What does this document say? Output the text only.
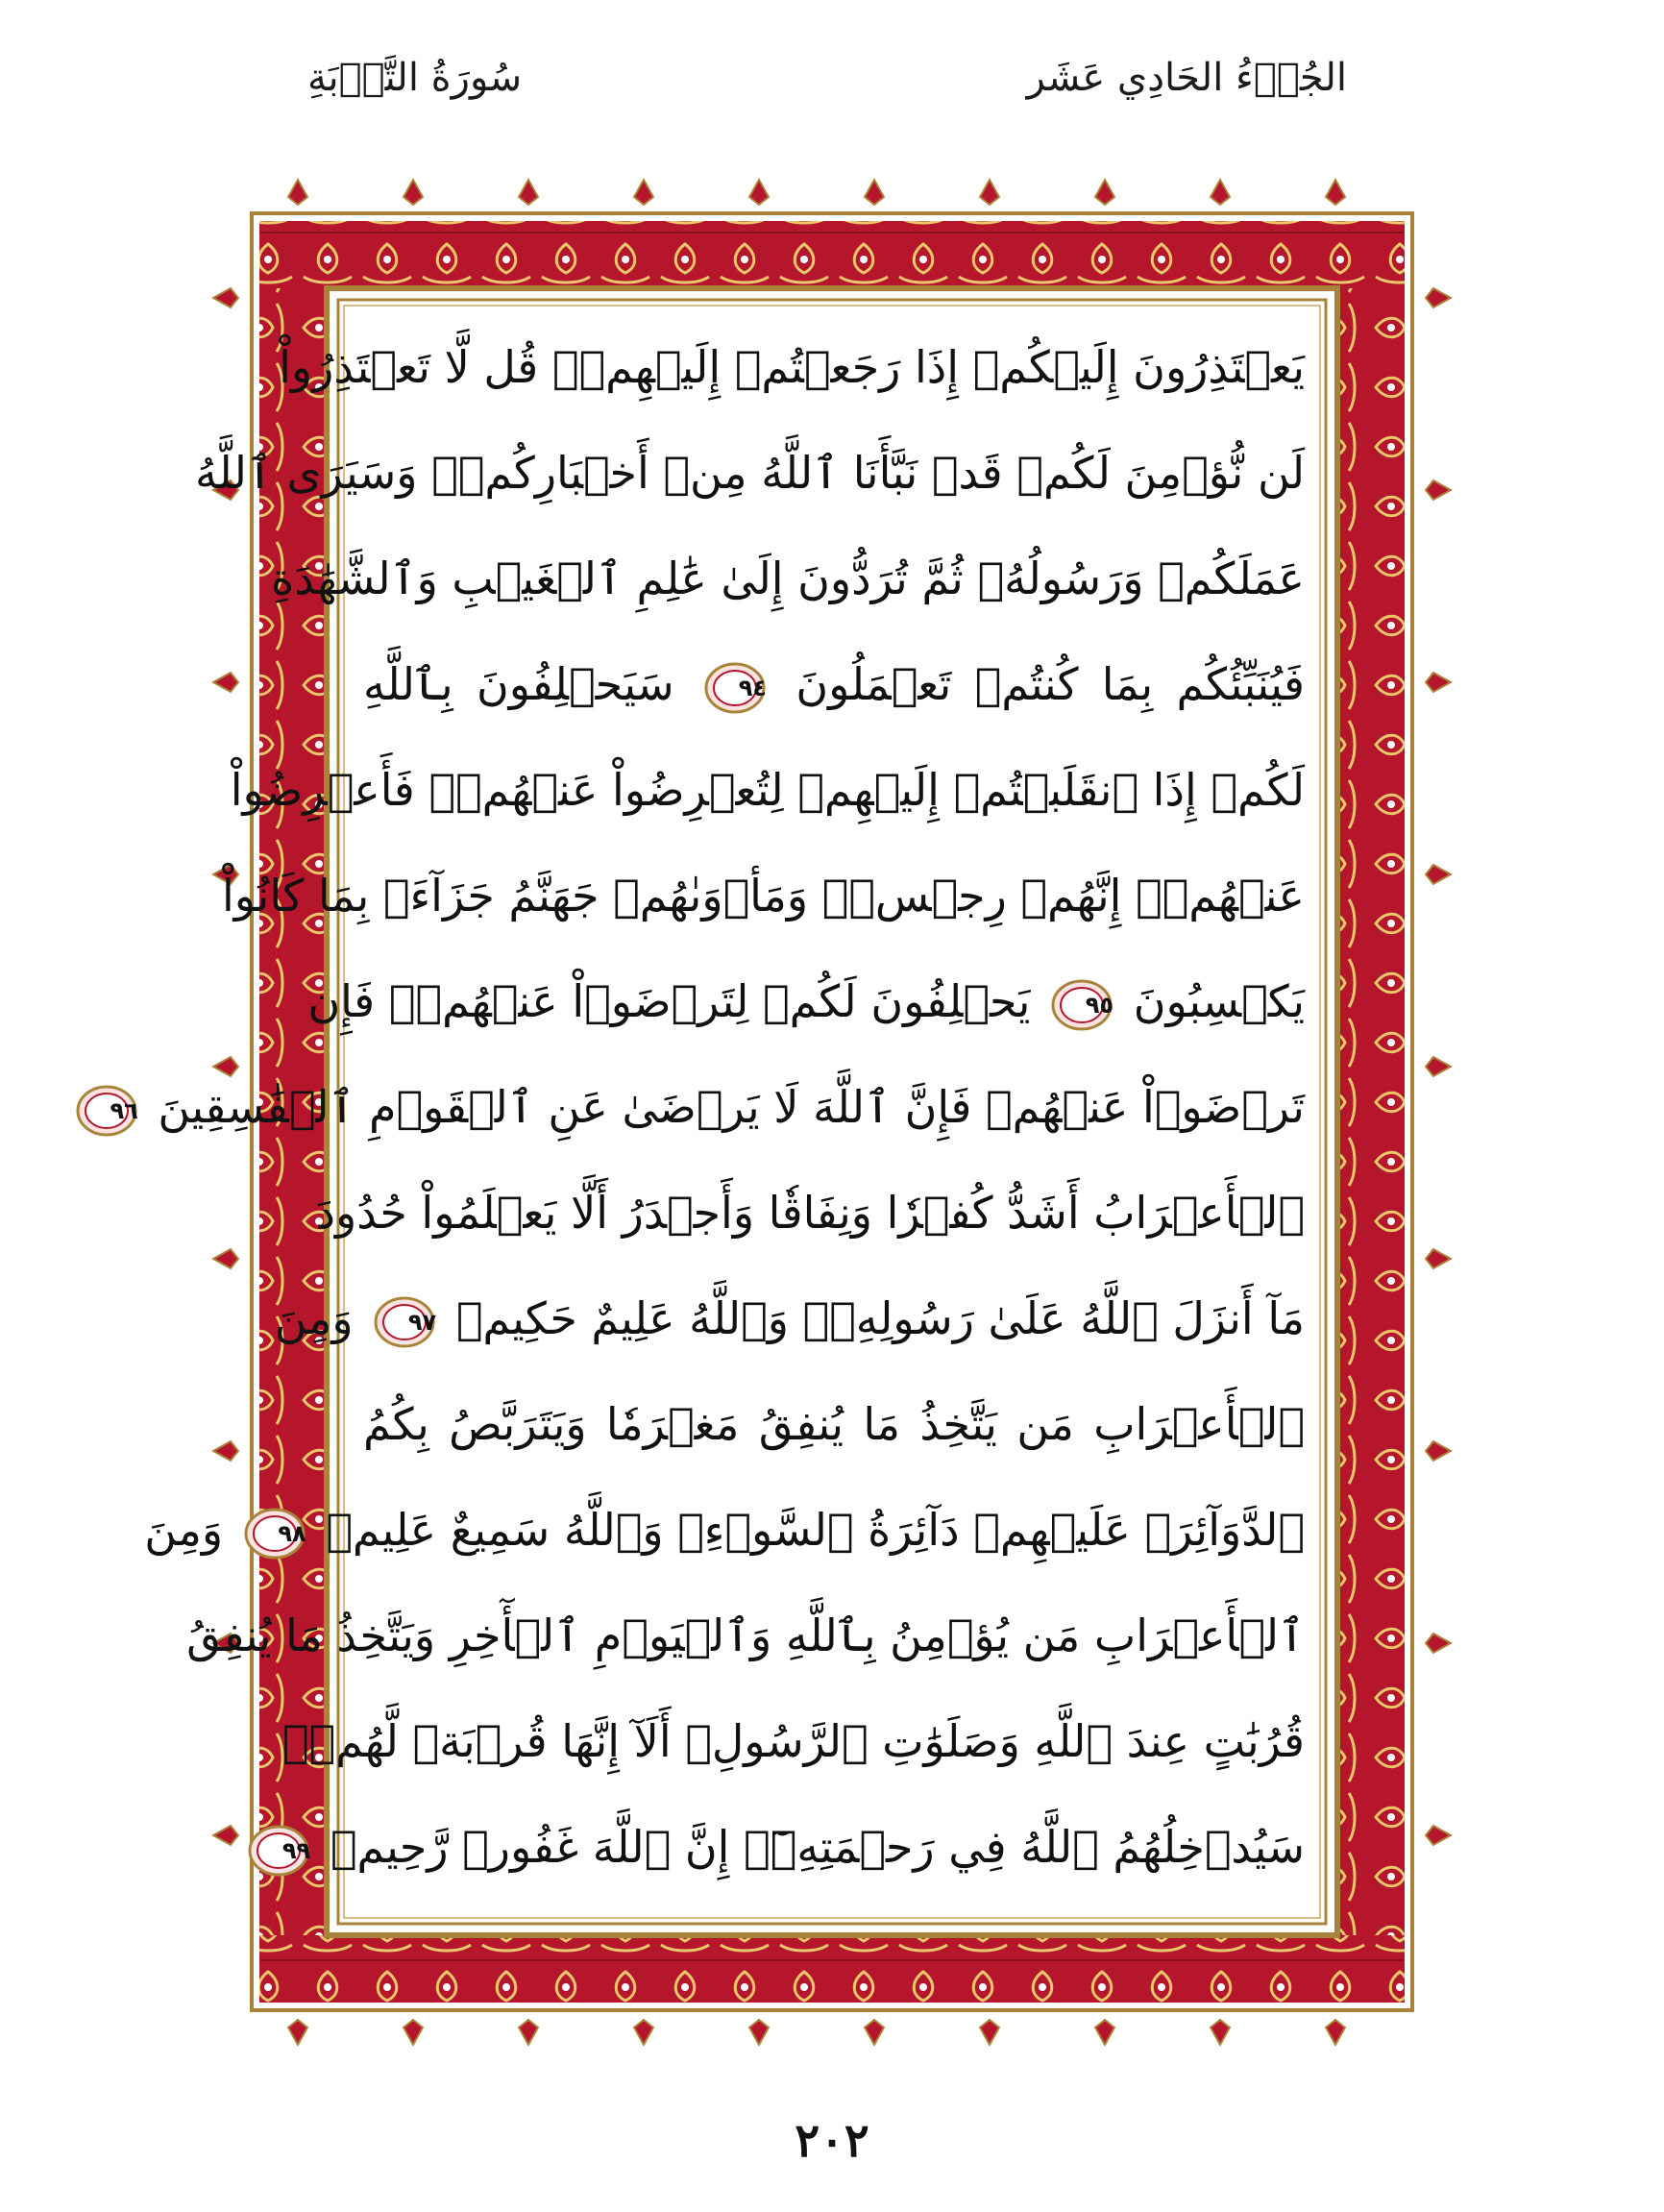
سُورَةُ التَّوۡبَةِ	الجُزۡءُ الحَادِي عَشَر
يَعۡتَذِرُونَ إِلَيۡكُمۡ إِذَا رَجَعۡتُمۡ إِلَيۡهِمۡۚ قُل لَّا تَعۡتَذِرُواْ
لَن نُّؤۡمِنَ لَكُمۡ قَدۡ نَبَّأَنَا ٱللَّهُ مِنۡ أَخۡبَارِكُمۡۚ وَسَيَرَى ٱللَّهُ
عَمَلَكُمۡ وَرَسُولُهُۥ ثُمَّ تُرَدُّونَ إِلَىٰ عَٰلِمِ ٱلۡغَيۡبِ وَٱلشَّهَٰدَةِ
فَيُنَبِّئُكُم بِمَا كُنتُمۡ تَعۡمَلُونَ
٩٤
سَيَحۡلِفُونَ بِٱللَّهِ
لَكُمۡ إِذَا ٱنقَلَبۡتُمۡ إِلَيۡهِمۡ لِتُعۡرِضُواْ عَنۡهُمۡۖ فَأَعۡرِضُواْ
عَنۡهُمۡۖ إِنَّهُمۡ رِجۡسٞۖ وَمَأۡوَىٰهُمۡ جَهَنَّمُ جَزَآءَۢ بِمَا كَانُواْ
يَكۡسِبُونَ
٩٥
يَحۡلِفُونَ لَكُمۡ لِتَرۡضَوۡاْ عَنۡهُمۡۖ فَإِن
تَرۡضَوۡاْ عَنۡهُمۡ فَإِنَّ ٱللَّهَ لَا يَرۡضَىٰ عَنِ ٱلۡقَوۡمِ ٱلۡفَٰسِقِينَ
٩٦
ٱلۡأَعۡرَابُ أَشَدُّ كُفۡرٗا وَنِفَاقٗا وَأَجۡدَرُ أَلَّا يَعۡلَمُواْ حُدُودَ
مَآ أَنزَلَ ٱللَّهُ عَلَىٰ رَسُولِهِۦۗ وَٱللَّهُ عَلِيمٌ حَكِيمٞ
٩٧
وَمِنَ
ٱلۡأَعۡرَابِ مَن يَتَّخِذُ مَا يُنفِقُ مَغۡرَمٗا وَيَتَرَبَّصُ بِكُمُ
ٱلدَّوَآئِرَۚ عَلَيۡهِمۡ دَآئِرَةُ ٱلسَّوۡءِۗ وَٱللَّهُ سَمِيعٌ عَلِيمٞ
٩٨
وَمِنَ
ٱلۡأَعۡرَابِ مَن يُؤۡمِنُ بِٱللَّهِ وَٱلۡيَوۡمِ ٱلۡأٓخِرِ وَيَتَّخِذُ مَا يُنفِقُ
قُرُبَٰتٍ عِندَ ٱللَّهِ وَصَلَوَٰتِ ٱلرَّسُولِۚ أَلَآ إِنَّهَا قُرۡبَةٞ لَّهُمۡۚ
سَيُدۡخِلُهُمُ ٱللَّهُ فِي رَحۡمَتِهِۦٓۚ إِنَّ ٱللَّهَ غَفُورٞ رَّحِيمٞ
٩٩
٢٠٢
